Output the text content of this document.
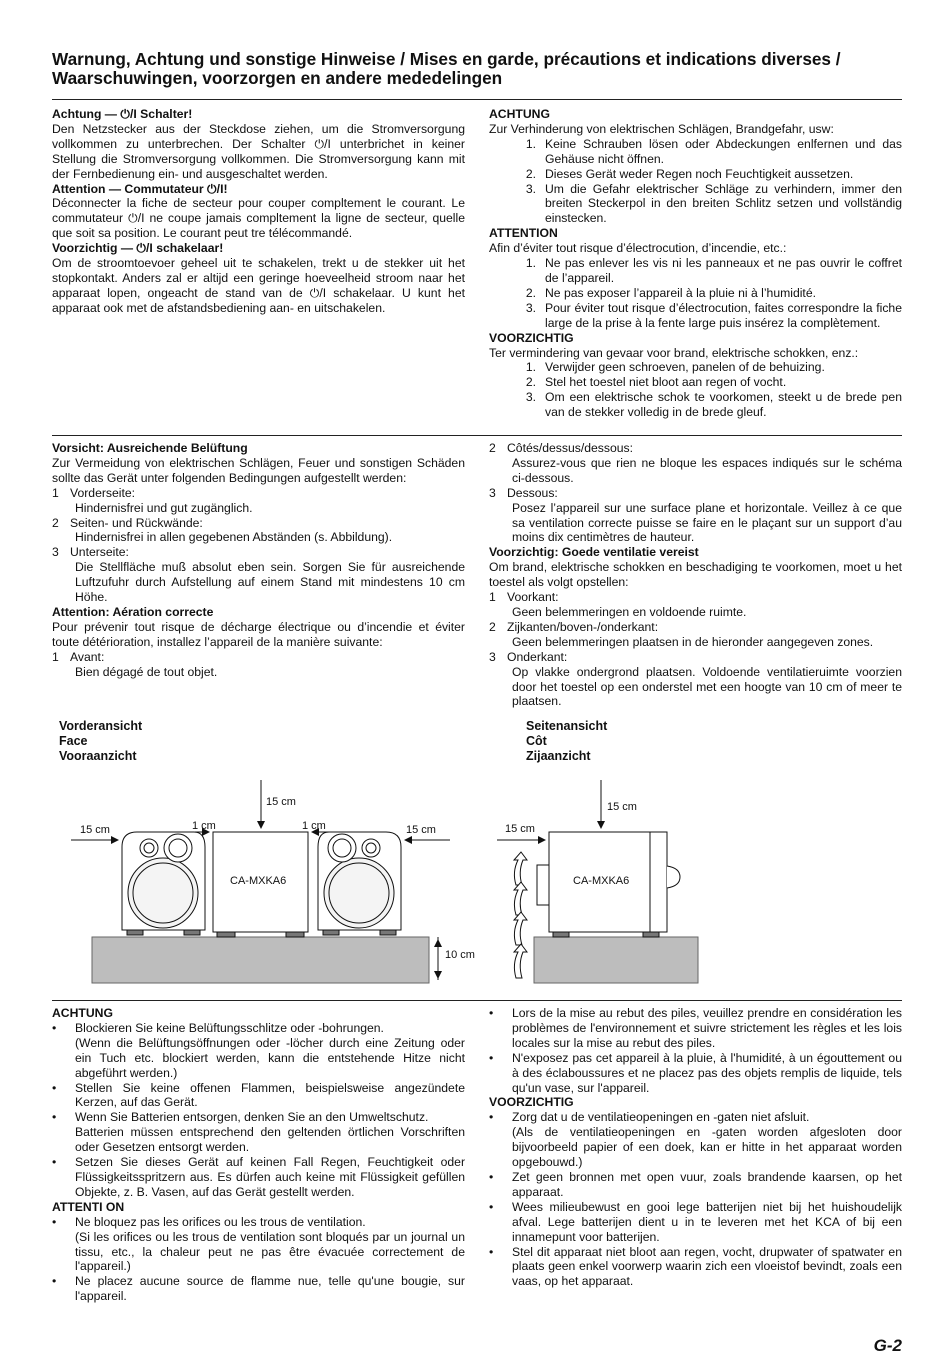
Warnung, Achtung und sonstige Hinweise / Mises en garde, précautions et indications diverses / Waarschuwingen, voorzorgen en andere mededelingen
Achtung — ⏻/I Schalter!

Den Netzstecker aus der Steckdose ziehen, um die Stromversorgung vollkommen zu unterbrechen. Der Schalter ⏻/I unterbrichet in keiner Stellung die Stromversorgung vollkommen. Die Stromversorgung kann mit der Fernbedienung ein- und ausgeschaltet werden.

Attention — Commutateur ⏻/I!

Déconnecter la fiche de secteur pour couper compltement le courant. Le commutateur ⏻/I ne coupe jamais compltement la ligne de secteur, quelle que soit sa position. Le courant peut tre télécommandé.

Voorzichtig — ⏻/I schakelaar!

Om de stroomtoevoer geheel uit te schakelen, trekt u de stekker uit het stopkontakt. Anders zal er altijd een geringe hoeveelheid stroom naar het apparaat lopen, ongeacht de stand van de ⏻/I schakelaar. U kunt het apparaat ook met de afstandsbediening aan- en uitschakelen.

ACHTUNG

Zur Verhinderung von elektrischen Schlägen, Brandgefahr, usw:

1. Keine Schrauben lösen oder Abdeckungen enlfernen und das Gehäuse nicht öffnen.
2. Dieses Gerät weder Regen noch Feuchtigkeit aussetzen.
3. Um die Gefahr elektrischer Schläge zu verhindern, immer den breiten Steckerpol in den breiten Schlitz setzen und vollständig einstecken.
ATTENTION

Afin d’éviter tout risque d’électrocution, d’incendie, etc.:

1. Ne pas enlever les vis ni les panneaux et ne pas ouvrir le coffret de l’appareil.
2. Ne pas exposer l’appareil à la pluie ni à l’humidité.
3. Pour éviter tout risque d’électrocution, faites correspondre la fiche large de la prise à la fente large puis insérez la complètement.
VOORZICHTIG

Ter vermindering van gevaar voor brand, elektrische schokken, enz.:

1. Verwijder geen schroeven, panelen of de behuizing.
2. Stel het toestel niet bloot aan regen of vocht.
3. Om een elektrische schok te voorkomen, steekt u de brede pen van de stekker volledig in de brede gleuf.
Vorsicht: Ausreichende Belüftung

Zur Vermeidung von elektrischen Schlägen, Feuer und sonstigen Schäden sollte das Gerät unter folgenden Bedingungen aufgestellt werden:

1 Vorderseite:
Hindernisfrei und gut zugänglich.
2 Seiten- und Rückwände:
Hindernisfrei in allen gegebenen Abständen (s. Abbildung).
3 Unterseite:
Die Stellfläche muß absolut eben sein. Sorgen Sie für ausreichende Luftzufuhr durch Aufstellung auf einem Stand mit mindestens 10 cm Höhe.
Attention: Aération correcte

Pour prévenir tout risque de décharge électrique ou d’incendie et éviter toute détérioration, installez l’appareil de la manière suivante:

1 Avant:
Bien dégagé de tout objet.
2 Côtés/dessus/dessous:
Assurez-vous que rien ne bloque les espaces indiqués sur le schéma ci-dessous.
3 Dessous:
Posez l’appareil sur une surface plane et horizontale. Veillez à ce que sa ventilation correcte puisse se faire en le plaçant sur un support d’au moins dix centimètres de hauteur.
Voorzichtig: Goede ventilatie vereist

Om brand, elektrische schokken en beschadiging te voorkomen, moet u het toestel als volgt opstellen:

1 Voorkant:
Geen belemmeringen en voldoende ruimte.
2 Zijkanten/boven-/onderkant:
Geen belemmeringen plaatsen in de hieronder aangegeven zones.
3 Onderkant:
Op vlakke ondergrond plaatsen. Voldoende ventilatieruimte voorzien door het toestel op een onderstel met een hoogte van 10 cm of meer te plaatsen.
Vorderansicht
Face
Vooraanzicht
Seitenansicht
Côt
Zijaanzicht
15 cm	1 cm
15 cm
1 cm	15 cm
CA-MXKA6
10 cm
15 cm
15 cm
CA-MXKA6
ACHTUNG
•	Blockieren Sie keine Belüftungsschlitze oder -bohrungen.
(Wenn die Belüftungsöffnungen oder -löcher durch eine Zeitung oder ein Tuch etc. blockiert werden, kann die entstehende Hitze nicht abgeführt werden.)
•	Stellen Sie keine offenen Flammen, beispielsweise angezündete Kerzen, auf das Gerät.
•	Wenn Sie Batterien entsorgen, denken Sie an den Umweltschutz.
Batterien müssen entsprechend den geltenden örtlichen Vorschriften oder Gesetzen entsorgt werden.
•	Setzen Sie dieses Gerät auf keinen Fall Regen, Feuchtigkeit oder Flüssigkeitsspritzern aus. Es dürfen auch keine mit Flüssigkeit gefüllen Objekte, z. B. Vasen, auf das Gerät gestellt werden.
ATTENTI ON
•	Ne bloquez pas les orifices ou les trous de ventilation.
(Si les orifices ou les trous de ventilation sont bloqués par un journal un tissu, etc., la chaleur peut ne pas être évacuée correctement de l'appareil.)
•	Ne placez aucune source de flamme nue, telle qu'une bougie, sur l'appareil.
•	Lors de la mise au rebut des piles, veuillez prendre en considération les problèmes de l'environnement et suivre strictement les règles et les lois locales sur la mise au rebut des piles.
•	N'exposez pas cet appareil à la pluie, à l'humidité, à un égouttement ou à des éclaboussures et ne placez pas des objets remplis de liquide, tels qu'un vase, sur l'appareil.
VOORZICHTIG
•	Zorg dat u de ventilatieopeningen en -gaten niet afsluit.
(Als de ventilatieopeningen en -gaten worden afgesloten door bijvoorbeeld papier of een doek, kan er hitte in het apparaat worden opgebouwd.)
•	Zet geen bronnen met open vuur, zoals brandende kaarsen, op het apparaat.
•	Wees milieubewust en gooi lege batterijen niet bij het huishoudelijk afval. Lege batterijen dient u in te leveren met het KCA of bij een innamepunt voor batterijen.
•	Stel dit apparaat niet bloot aan regen, vocht, drupwater of spatwater en plaats geen enkel voorwerp waarin zich een vloeistof bevindt, zoals een vaas, op het apparaat.
G-2
